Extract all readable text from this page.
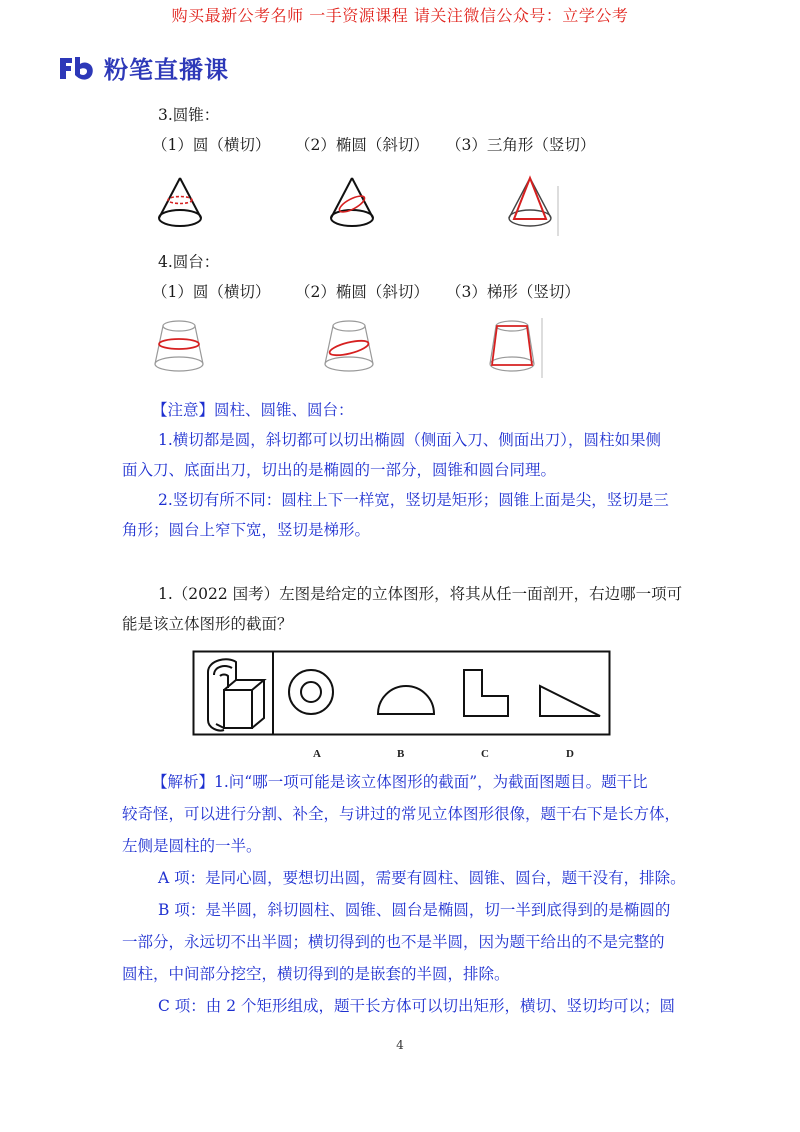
购买最新公考名师 一手资源课程 请关注微信公众号：立学公考
粉笔直播课
3.圆锥：
（1）圆（横切） （2）椭圆（斜切） （3）三角形（竖切）
4.圆台：
（1）圆（横切） （2）椭圆（斜切） （3）梯形（竖切）
【注意】圆柱、圆锥、圆台：
1.横切都是圆，斜切都可以切出椭圆（侧面入刀、侧面出刀），圆柱如果侧
面入刀、底面出刀，切出的是椭圆的一部分，圆锥和圆台同理。
2.竖切有所不同：圆柱上下一样宽，竖切是矩形；圆锥上面是尖，竖切是三
角形；圆台上窄下宽，竖切是梯形。
1.（2022 国考）左图是给定的立体图形，将其从任一面剖开，右边哪一项可
能是该立体图形的截面？
A	B	C	D
【解析】1.问“哪一项可能是该立体图形的截面”，为截面图题目。题干比
较奇怪，可以进行分割、补全，与讲过的常见立体图形很像，题干右下是长方体，
左侧是圆柱的一半。
A 项：是同心圆，要想切出圆，需要有圆柱、圆锥、圆台，题干没有，排除。
B 项：是半圆，斜切圆柱、圆锥、圆台是椭圆，切一半到底得到的是椭圆的
一部分，永远切不出半圆；横切得到的也不是半圆，因为题干给出的不是完整的
圆柱，中间部分挖空，横切得到的是嵌套的半圆，排除。
C 项：由 2 个矩形组成，题干长方体可以切出矩形，横切、竖切均可以；圆
4
